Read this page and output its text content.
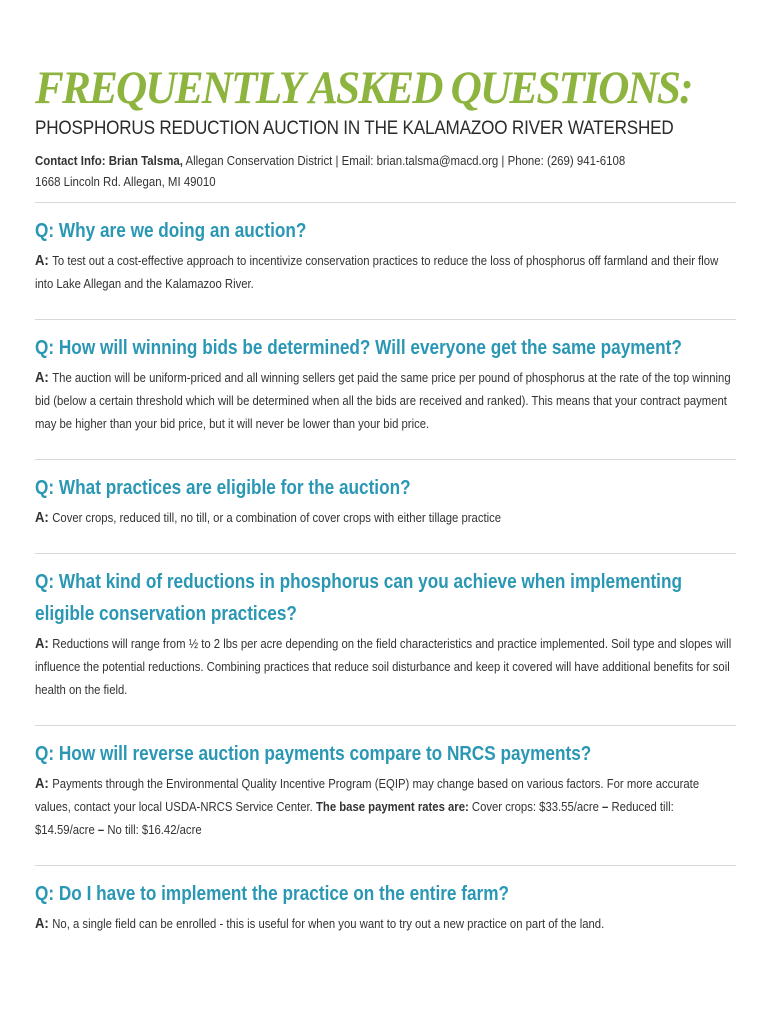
FREQUENTLY ASKED QUESTIONS:
PHOSPHORUS REDUCTION AUCTION IN THE KALAMAZOO RIVER WATERSHED
Contact Info: Brian Talsma, Allegan Conservation District | Email: brian.talsma@macd.org | Phone: (269) 941-6108
1668 Lincoln Rd. Allegan, MI 49010
Q: Why are we doing an auction?

A: To test out a cost-effective approach to incentivize conservation practices to reduce the loss of phosphorus off farmland and their flow into Lake Allegan and the Kalamazoo River.

Q: How will winning bids be determined? Will everyone get the same payment?

A: The auction will be uniform-priced and all winning sellers get paid the same price per pound of phosphorus at the rate of the top winning bid (below a certain threshold which will be determined when all the bids are received and ranked). This means that your contract payment may be higher than your bid price, but it will never be lower than your bid price.

Q: What practices are eligible for the auction?

A: Cover crops, reduced till, no till, or a combination of cover crops with either tillage practice

Q: What kind of reductions in phosphorus can you achieve when implementing eligible conservation practices?

A: Reductions will range from ½ to 2 lbs per acre depending on the field characteristics and practice implemented. Soil type and slopes will influence the potential reductions. Combining practices that reduce soil disturbance and keep it covered will have additional benefits for soil health on the field.

Q: How will reverse auction payments compare to NRCS payments?

A: Payments through the Environmental Quality Incentive Program (EQIP) may change based on various factors. For more accurate values, contact your local USDA-NRCS Service Center. The base payment rates are: Cover crops: $33.55/acre – Reduced till: $14.59/acre – No till: $16.42/acre

Q: Do I have to implement the practice on the entire farm?

A: No, a single field can be enrolled - this is useful for when you want to try out a new practice on part of the land.
